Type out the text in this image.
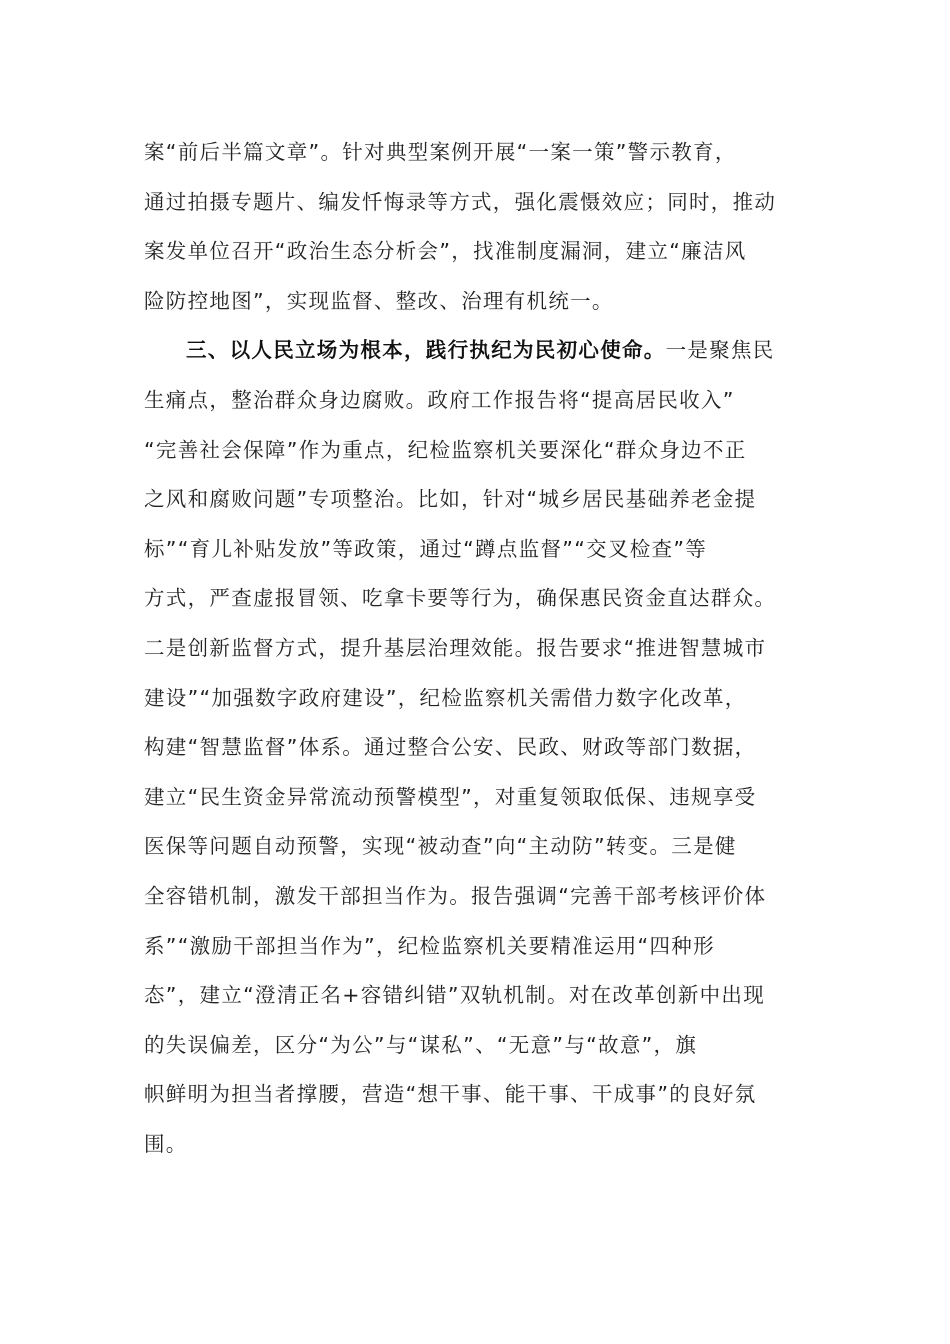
案“前后半篇文章”。针对典型案例开展“一案一策”警示教育，
通过拍摄专题片、编发忏悔录等方式，强化震慑效应；同时，推动
案发单位召开“政治生态分析会”，找准制度漏洞，建立“廉洁风
险防控地图”，实现监督、整改、治理有机统一。
三、以人民立场为根本，践行执纪为民初心使命。一是聚焦民
生痛点，整治群众身边腐败。政府工作报告将“提高居民收入”
“完善社会保障”作为重点，纪检监察机关要深化“群众身边不正
之风和腐败问题”专项整治。比如，针对“城乡居民基础养老金提
标”“育儿补贴发放”等政策，通过“蹲点监督”“交叉检查”等
方式，严查虚报冒领、吃拿卡要等行为，确保惠民资金直达群众。
二是创新监督方式，提升基层治理效能。报告要求“推进智慧城市
建设”“加强数字政府建设”，纪检监察机关需借力数字化改革，
构建“智慧监督”体系。通过整合公安、民政、财政等部门数据，
建立“民生资金异常流动预警模型”，对重复领取低保、违规享受
医保等问题自动预警，实现“被动查”向“主动防”转变。三是健
全容错机制，激发干部担当作为。报告强调“完善干部考核评价体
系”“激励干部担当作为”，纪检监察机关要精准运用“四种形
态”，建立“澄清正名+容错纠错”双轨机制。对在改革创新中出现
的失误偏差，区分“为公”与“谋私”、“无意”与“故意”，旗
帜鲜明为担当者撑腰，营造“想干事、能干事、干成事”的良好氛
围。
